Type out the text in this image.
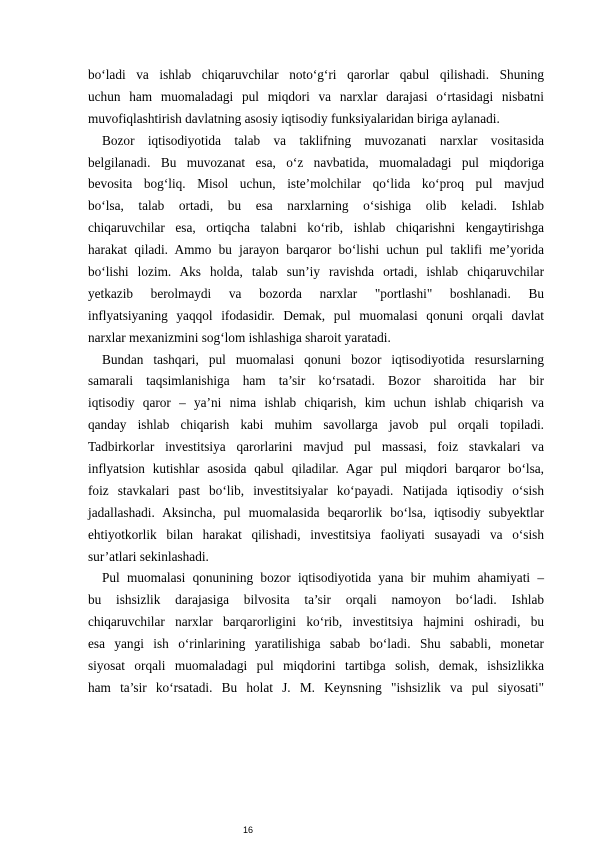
bo‘ladi va ishlab chiqaruvchilar noto‘g‘ri qarorlar qabul qilishadi. Shuning
uchun ham muomaladagi pul miqdori va narxlar darajasi o‘rtasidagi nisbatni
muvofiqlashtirish davlatning asosiy iqtisodiy funksiyalaridan biriga aylanadi.
Bozor iqtisodiyotida talab va taklifning muvozanati narxlar vositasida
belgilanadi. Bu muvozanat esa, o‘z navbatida, muomaladagi pul miqdoriga
bevosita bog‘liq. Misol uchun, iste’molchilar qo‘lida ko‘proq pul mavjud
bo‘lsa, talab ortadi, bu esa narxlarning o‘sishiga olib keladi. Ishlab
chiqaruvchilar esa, ortiqcha talabni ko‘rib, ishlab chiqarishni kengaytirishga
harakat qiladi. Ammo bu jarayon barqaror bo‘lishi uchun pul taklifi me’yorida
bo‘lishi lozim. Aks holda, talab sun’iy ravishda ortadi, ishlab chiqaruvchilar
yetkazib berolmaydi va bozorda narxlar "portlashi" boshlanadi. Bu
inflyatsiyaning yaqqol ifodasidir. Demak, pul muomalasi qonuni orqali davlat
narxlar mexanizmini sog‘lom ishlashiga sharoit yaratadi.
Bundan tashqari, pul muomalasi qonuni bozor iqtisodiyotida resurslarning
samarali taqsimlanishiga ham ta’sir ko‘rsatadi. Bozor sharoitida har bir
iqtisodiy qaror – ya’ni nima ishlab chiqarish, kim uchun ishlab chiqarish va
qanday ishlab chiqarish kabi muhim savollarga javob pul orqali topiladi.
Tadbirkorlar investitsiya qarorlarini mavjud pul massasi, foiz stavkalari va
inflyatsion kutishlar asosida qabul qiladilar. Agar pul miqdori barqaror bo‘lsa,
foiz stavkalari past bo‘lib, investitsiyalar ko‘payadi. Natijada iqtisodiy o‘sish
jadallashadi. Aksincha, pul muomalasida beqarorlik bo‘lsa, iqtisodiy subyektlar
ehtiyotkorlik bilan harakat qilishadi, investitsiya faoliyati susayadi va o‘sish
sur’atlari sekinlashadi.
Pul muomalasi qonunining bozor iqtisodiyotida yana bir muhim ahamiyati –
bu ishsizlik darajasiga bilvosita ta’sir orqali namoyon bo‘ladi. Ishlab
chiqaruvchilar narxlar barqarorligini ko‘rib, investitsiya hajmini oshiradi, bu
esa yangi ish o‘rinlarining yaratilishiga sabab bo‘ladi. Shu sababli, monetar
siyosat orqali muomaladagi pul miqdorini tartibga solish, demak, ishsizlikka
ham ta’sir ko‘rsatadi. Bu holat J. M. Keynsning "ishsizlik va pul siyosati"
16
